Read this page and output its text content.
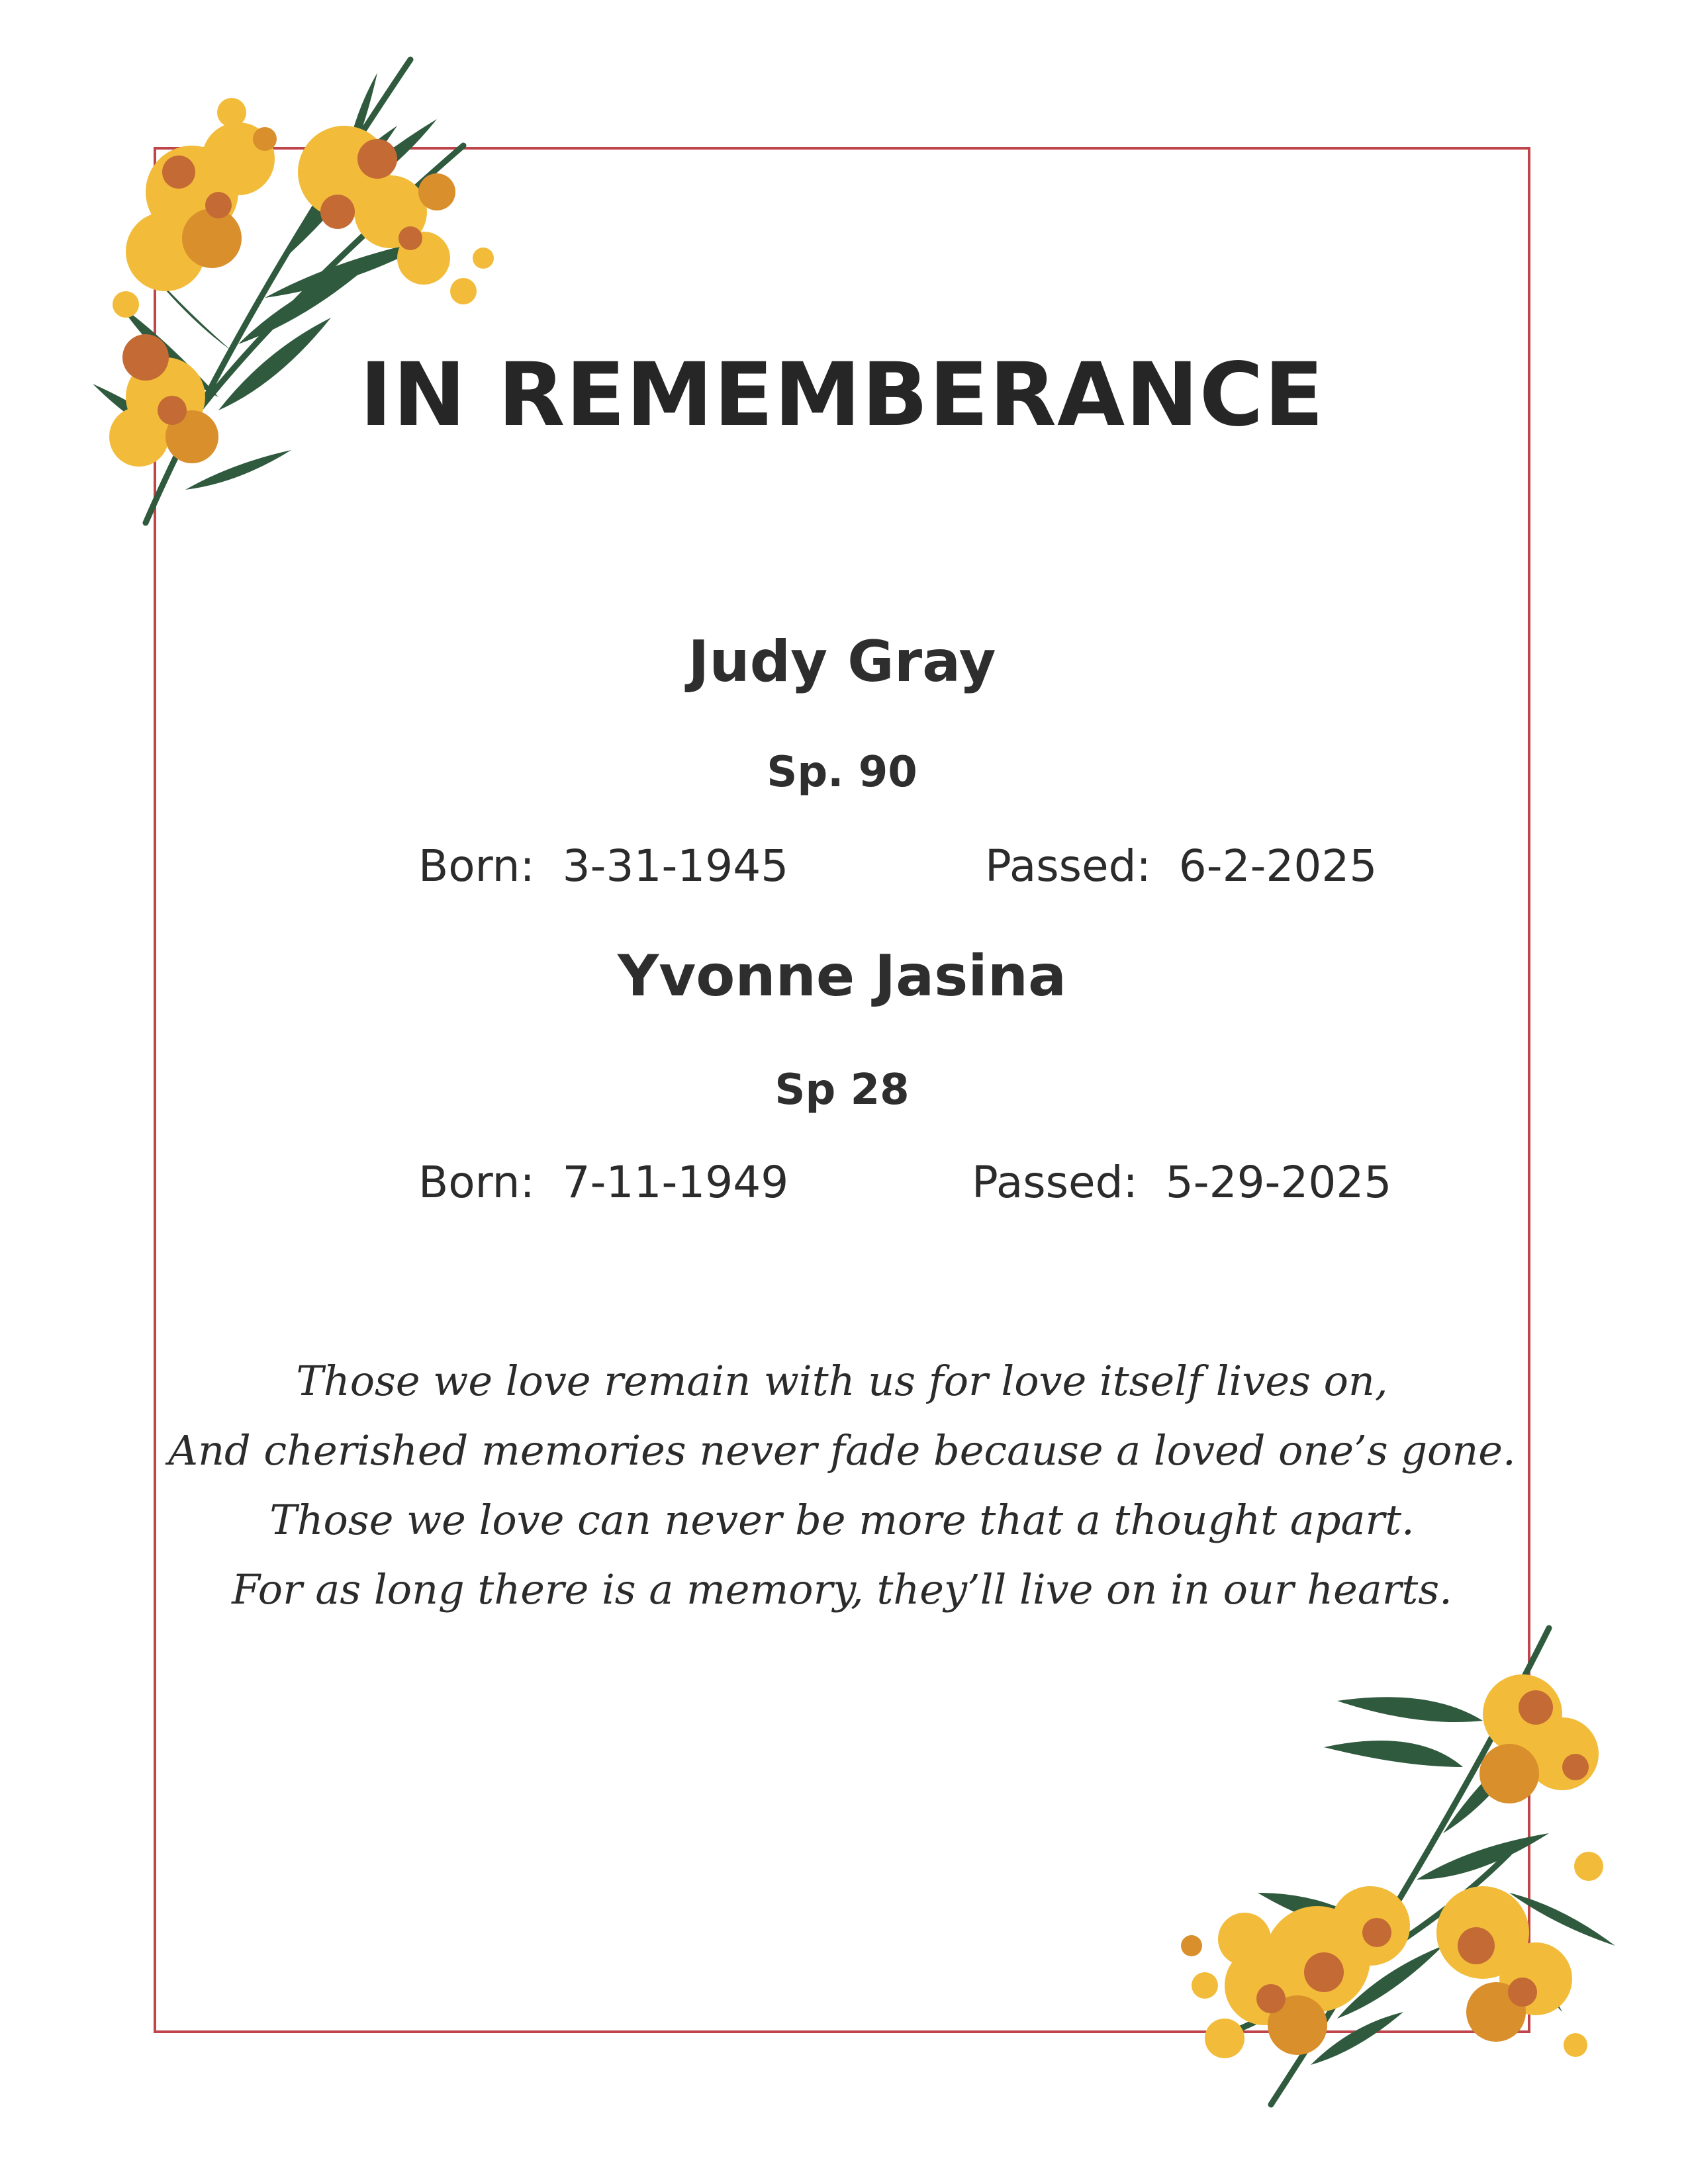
IN REMEMBERANCE
Judy Gray
Sp. 90
Born: 3-31-1945	Passed: 6-2-2025
Yvonne Jasina
Sp 28
Born: 7-11-1949	Passed: 5-29-2025
Those we love remain with us for love itself lives on,
And cherished memories never fade because a loved one’s gone.
Those we love can never be more that a thought apart.
For as long there is a memory, they’ll live on in our hearts.
